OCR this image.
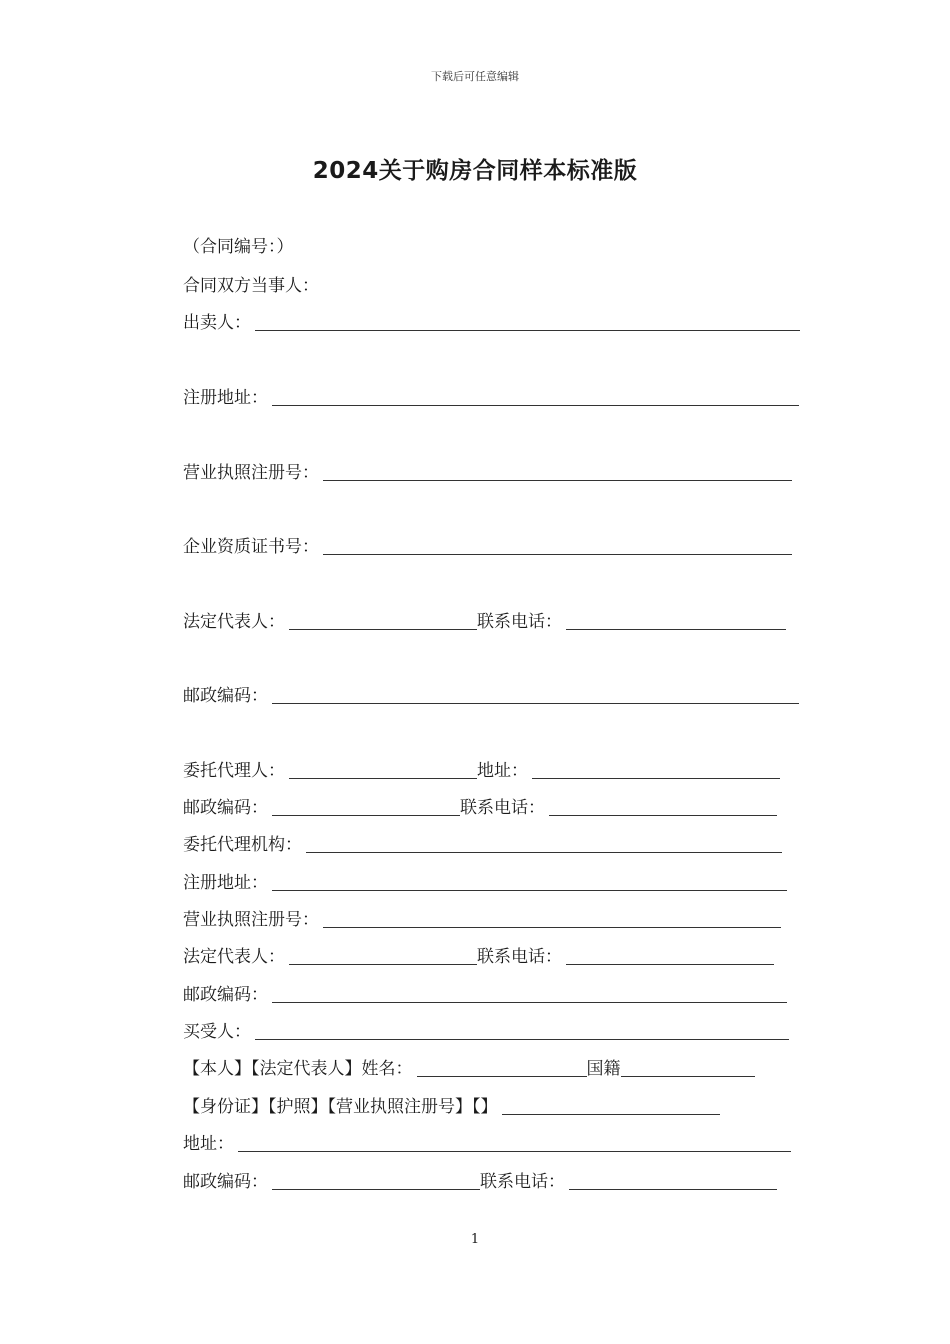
下载后可任意编辑
2024关于购房合同样本标准版
（合同编号：）
合同双方当事人：
出卖人：
注册地址：
营业执照注册号：
企业资质证书号：
法定代表人：	联系电话：
邮政编码：
委托代理人：	地址：
邮政编码：	联系电话：
委托代理机构：
注册地址：
营业执照注册号：
法定代表人：	联系电话：
邮政编码：
买受人：
【本人】【法定代表人】姓名：	国籍
【身份证】【护照】【营业执照注册号】【】
地址：
邮政编码：	联系电话：
1
